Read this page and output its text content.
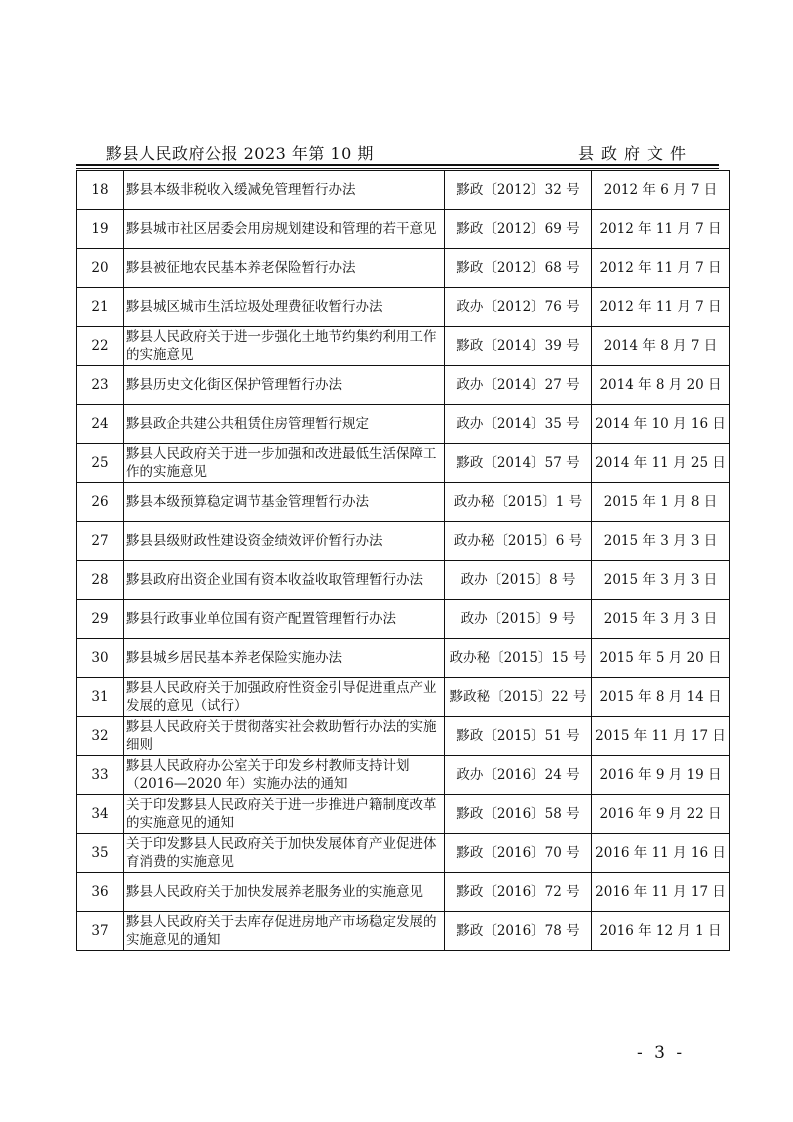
黟县人民政府公报 2023 年第 10 期	县政府文件
18	黟县本级非税收入缓减免管理暂行办法	黟政〔2012〕32 号	2012 年 6 月 7 日
19	黟县城市社区居委会用房规划建设和管理的若干意见	黟政〔2012〕69 号	2012 年 11 月 7 日
20	黟县被征地农民基本养老保险暂行办法	黟政〔2012〕68 号	2012 年 11 月 7 日
21	黟县城区城市生活垃圾处理费征收暂行办法	政办〔2012〕76 号	2012 年 11 月 7 日
22	黟县人民政府关于进一步强化土地节约集约利用工作的实施意见	黟政〔2014〕39 号	2014 年 8 月 7 日
23	黟县历史文化街区保护管理暂行办法	政办〔2014〕27 号	2014 年 8 月 20 日
24	黟县政企共建公共租赁住房管理暂行规定	政办〔2014〕35 号	2014 年 10 月 16 日
25	黟县人民政府关于进一步加强和改进最低生活保障工作的实施意见	黟政〔2014〕57 号	2014 年 11 月 25 日
26	黟县本级预算稳定调节基金管理暂行办法	政办秘〔2015〕1 号	2015 年 1 月 8 日
27	黟县县级财政性建设资金绩效评价暂行办法	政办秘〔2015〕6 号	2015 年 3 月 3 日
28	黟县政府出资企业国有资本收益收取管理暂行办法	政办〔2015〕8 号	2015 年 3 月 3 日
29	黟县行政事业单位国有资产配置管理暂行办法	政办〔2015〕9 号	2015 年 3 月 3 日
30	黟县城乡居民基本养老保险实施办法	政办秘〔2015〕15 号	2015 年 5 月 20 日
31	黟县人民政府关于加强政府性资金引导促进重点产业发展的意见（试行）	黟政秘〔2015〕22 号	2015 年 8 月 14 日
32	黟县人民政府关于贯彻落实社会救助暂行办法的实施细则	黟政〔2015〕51 号	2015 年 11 月 17 日
33	黟县人民政府办公室关于印发乡村教师支持计划（2016—2020 年）实施办法的通知	政办〔2016〕24 号	2016 年 9 月 19 日
34	关于印发黟县人民政府关于进一步推进户籍制度改革的实施意见的通知	黟政〔2016〕58 号	2016 年 9 月 22 日
35	关于印发黟县人民政府关于加快发展体育产业促进体育消费的实施意见	黟政〔2016〕70 号	2016 年 11 月 16 日
36	黟县人民政府关于加快发展养老服务业的实施意见	黟政〔2016〕72 号	2016 年 11 月 17 日
37	黟县人民政府关于去库存促进房地产市场稳定发展的实施意见的通知	黟政〔2016〕78 号	2016 年 12 月 1 日
- 3 -
